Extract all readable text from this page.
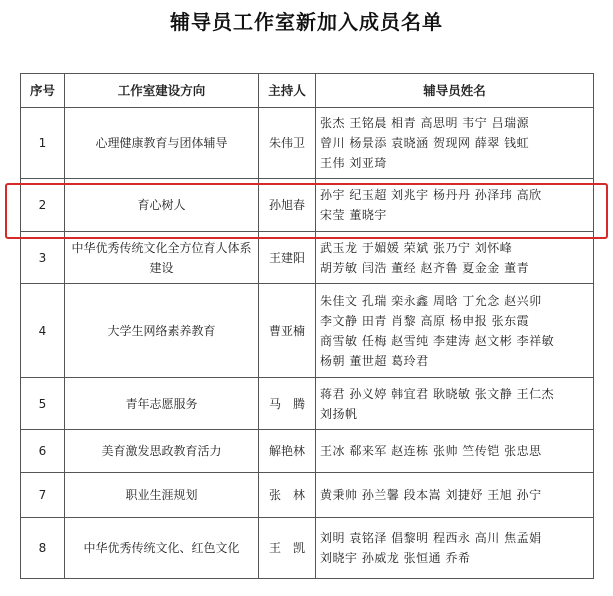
辅导员工作室新加入成员名单
序号	工作室建设方向	主持人	辅导员姓名
1	心理健康教育与团体辅导	朱伟卫	张杰 王铭晨 相青 高思明 韦宁 吕瑞源
曾川 杨景添 袁晓涵 贺现网 薛翠 钱虹
王伟 刘亚琦

2	育心树人	孙旭春	孙宇 纪玉超 刘兆宇 杨丹丹 孙泽玮 高欣
宋莹 董晓宇

3	中华优秀传统文化全方位育人体系建设	王建阳	武玉龙 于媚媛 荣斌 张乃宁 刘怀峰
胡芳敏 闫浩 董经 赵齐鲁 夏金金 董青

4	大学生网络素养教育	曹亚楠	朱佳文 孔瑞 栾永鑫 周晗 丁允念 赵兴卯
李文静 田青 肖黎 高原 杨申报 张东霞
商雪敏 任梅 赵雪纯 李建涛 赵文彬 李祥敏
杨朝 董世超 葛玲君

5	青年志愿服务	马　腾	蒋君 孙义婷 韩宜君 耿晓敏 张文静 王仁杰
刘扬帆

6	美育激发思政教育活力	解艳林	王冰 郗来军 赵连栋 张帅 竺传铠 张忠思

7	职业生涯规划	张　林	黄秉帅 孙兰馨 段本嵩 刘捷妤 王旭 孙宁

8	中华优秀传统文化、红色文化	王　凯	刘明 袁铭泽 倡黎明 程西永 高川 焦孟娟
刘晓宇 孙威龙 张恒通 乔希
